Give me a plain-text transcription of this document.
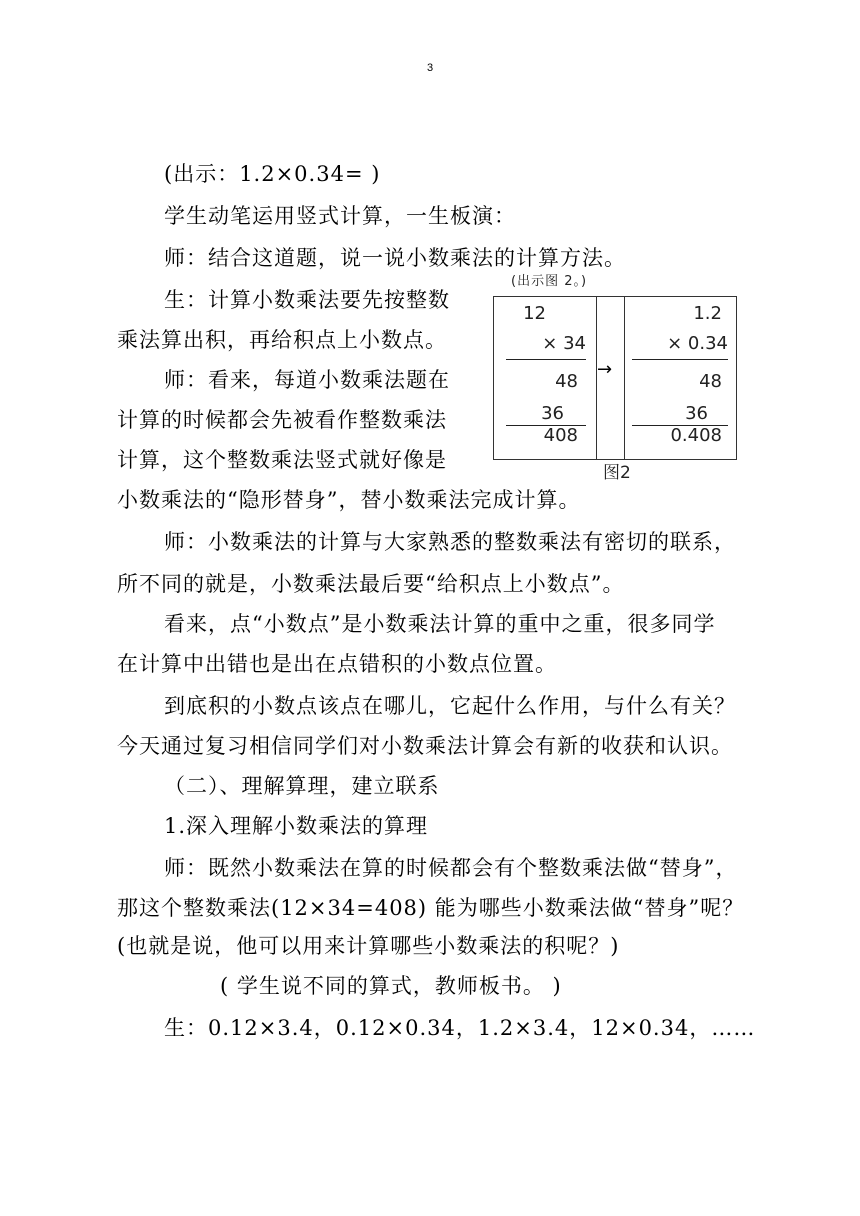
3
(出示：1.2×0.34= )
学生动笔运用竖式计算，一生板演：
师：结合这道题，说一说小数乘法的计算方法。
生：计算小数乘法要先按整数
乘法算出积，再给积点上小数点。
师：看来，每道小数乘法题在
计算的时候都会先被看作整数乘法
计算，这个整数乘法竖式就好像是
小数乘法的“隐形替身”，替小数乘法完成计算。
师：小数乘法的计算与大家熟悉的整数乘法有密切的联系，
所不同的就是，小数乘法最后要“给积点上小数点”。
看来，点“小数点”是小数乘法计算的重中之重，很多同学
在计算中出错也是出在点错积的小数点位置。
到底积的小数点该点在哪儿，它起什么作用，与什么有关？
今天通过复习相信同学们对小数乘法计算会有新的收获和认识。
（二）、理解算理，建立联系
1.深入理解小数乘法的算理
师：既然小数乘法在算的时候都会有个整数乘法做“替身”，
那这个整数乘法(12×34=408) 能为哪些小数乘法做“替身”呢？
(也就是说，他可以用来计算哪些小数乘法的积呢？)
( 学生说不同的算式，教师板书。 )
生：0.12×3.4，0.12×0.34，1.2×3.4，12×0.34，……
(出示图 2。)
12
× 34
48
36
408
→
1.2
× 0.34
48
36
0.408
图2
